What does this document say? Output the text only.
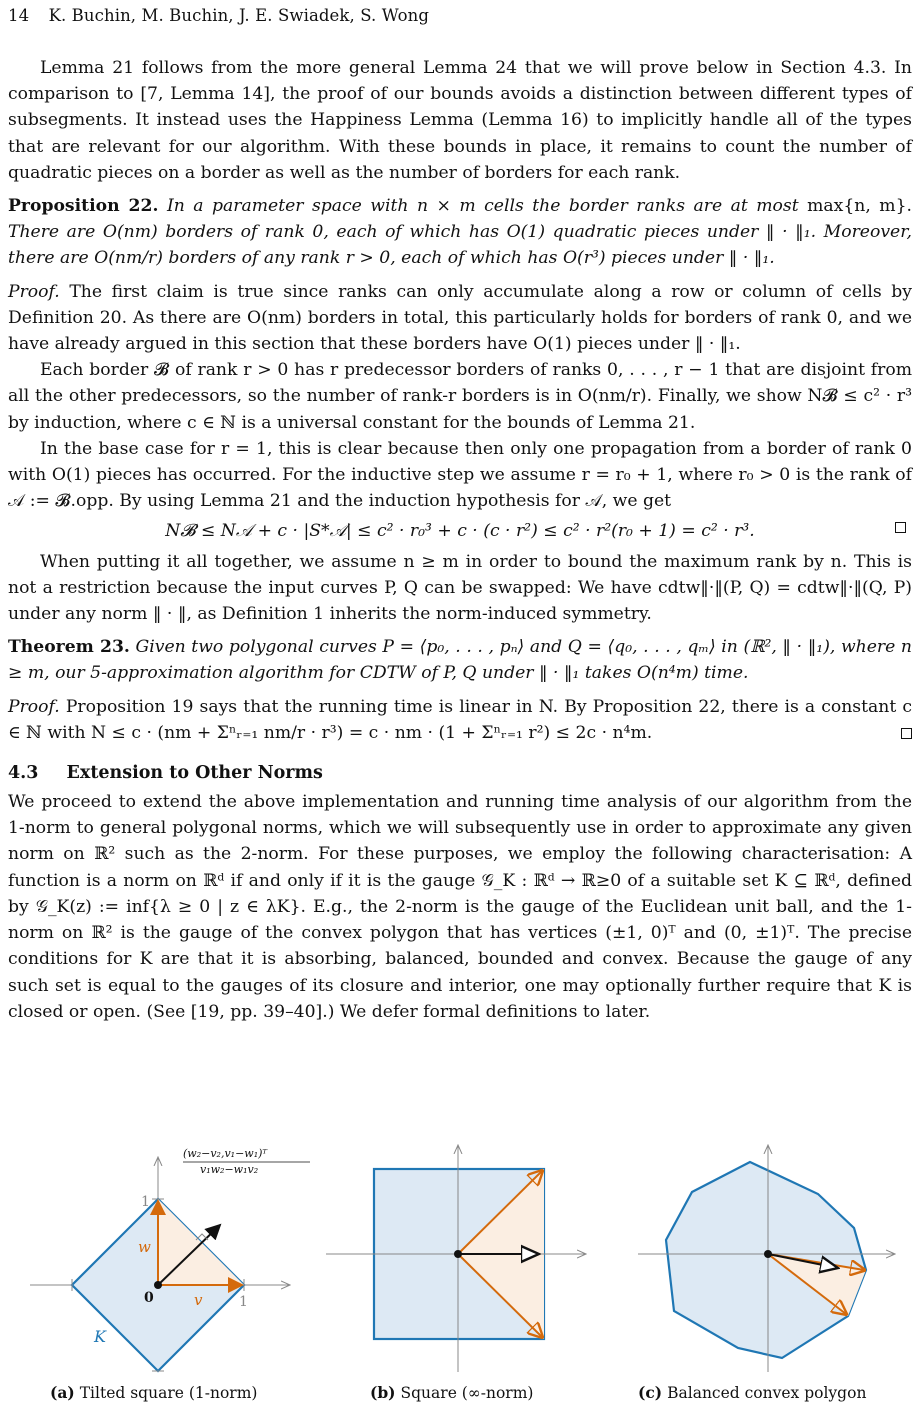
14 K. Buchin, M. Buchin, J. E. Swiadek, S. Wong

Lemma 21 follows from the more general Lemma 24 that we will prove below in Section 4.3. In comparison to [7, Lemma 14], the proof of our bounds avoids a distinction between different types of subsegments. It instead uses the Happiness Lemma (Lemma 16) to implicitly handle all of the types that are relevant for our algorithm. With these bounds in place, it remains to count the number of quadratic pieces on a border as well as the number of borders for each rank.

Proposition 22. In a parameter space with n × m cells the border ranks are at most max{n, m}. There are O(nm) borders of rank 0, each of which has O(1) quadratic pieces under ‖ · ‖₁. Moreover, there are O(nm/r) borders of any rank r > 0, each of which has O(r³) pieces under ‖ · ‖₁.

Proof. The first claim is true since ranks can only accumulate along a row or column of cells by Definition 20. As there are O(nm) borders in total, this particularly holds for borders of rank 0, and we have already argued in this section that these borders have O(1) pieces under ‖ · ‖₁.

Each border 𝓑 of rank r > 0 has r predecessor borders of ranks 0, . . . , r − 1 that are disjoint from all the other predecessors, so the number of rank-r borders is in O(nm/r). Finally, we show N𝓑 ≤ c² · r³ by induction, where c ∈ ℕ is a universal constant for the bounds of Lemma 21.

In the base case for r = 1, this is clear because then only one propagation from a border of rank 0 with O(1) pieces has occurred. For the inductive step we assume r = r₀ + 1, where r₀ > 0 is the rank of 𝒜 := 𝓑.opp. By using Lemma 21 and the induction hypothesis for 𝒜, we get

N𝓑 ≤ N𝒜 + c · |S*𝒜| ≤ c² · r₀³ + c · (c · r²) ≤ c² · r²(r₀ + 1) = c² · r³.

When putting it all together, we assume n ≥ m in order to bound the maximum rank by n. This is not a restriction because the input curves P, Q can be swapped: We have cdtw‖·‖(P, Q) = cdtw‖·‖(Q, P) under any norm ‖ · ‖, as Definition 1 inherits the norm-induced symmetry.

Theorem 23. Given two polygonal curves P = ⟨p₀, . . . , pₙ⟩ and Q = ⟨q₀, . . . , qₘ⟩ in (ℝ², ‖ · ‖₁), where n ≥ m, our 5-approximation algorithm for CDTW of P, Q under ‖ · ‖₁ takes O(n⁴m) time.

Proof. Proposition 19 says that the running time is linear in N. By Proposition 22, there is a constant c ∈ ℕ with N ≤ c · (nm + Σⁿᵣ₌₁ nm/r · r³) = c · nm · (1 + Σⁿᵣ₌₁ r²) ≤ 2c · n⁴m.

4.3 Extension to Other Norms

We proceed to extend the above implementation and running time analysis of our algorithm from the 1-norm to general polygonal norms, which we will subsequently use in order to approximate any given norm on ℝ² such as the 2-norm. For these purposes, we employ the following characterisation: A function is a norm on ℝᵈ if and only if it is the gauge 𝒢_K : ℝᵈ → ℝ≥0 of a suitable set K ⊆ ℝᵈ, defined by 𝒢_K(z) := inf{λ ≥ 0 | z ∈ λK}. E.g., the 2-norm is the gauge of the Euclidean unit ball, and the 1-norm on ℝ² is the gauge of the convex polygon that has vertices (±1, 0)ᵀ and (0, ±1)ᵀ. The precise conditions for K are that it is absorbing, balanced, bounded and convex. Because the gauge of any such set is equal to the gauges of its closure and interior, one may optionally further require that K is closed or open. (See [19, pp. 39–40].) We defer formal definitions to later.

1
1
0
w
v
K
(w₂−v₂,v₁−w₁)ᵀ
v₁w₂−w₁v₂
(a) Tilted square (1-norm)	(b) Square (∞-norm)	(c) Balanced convex polygon
